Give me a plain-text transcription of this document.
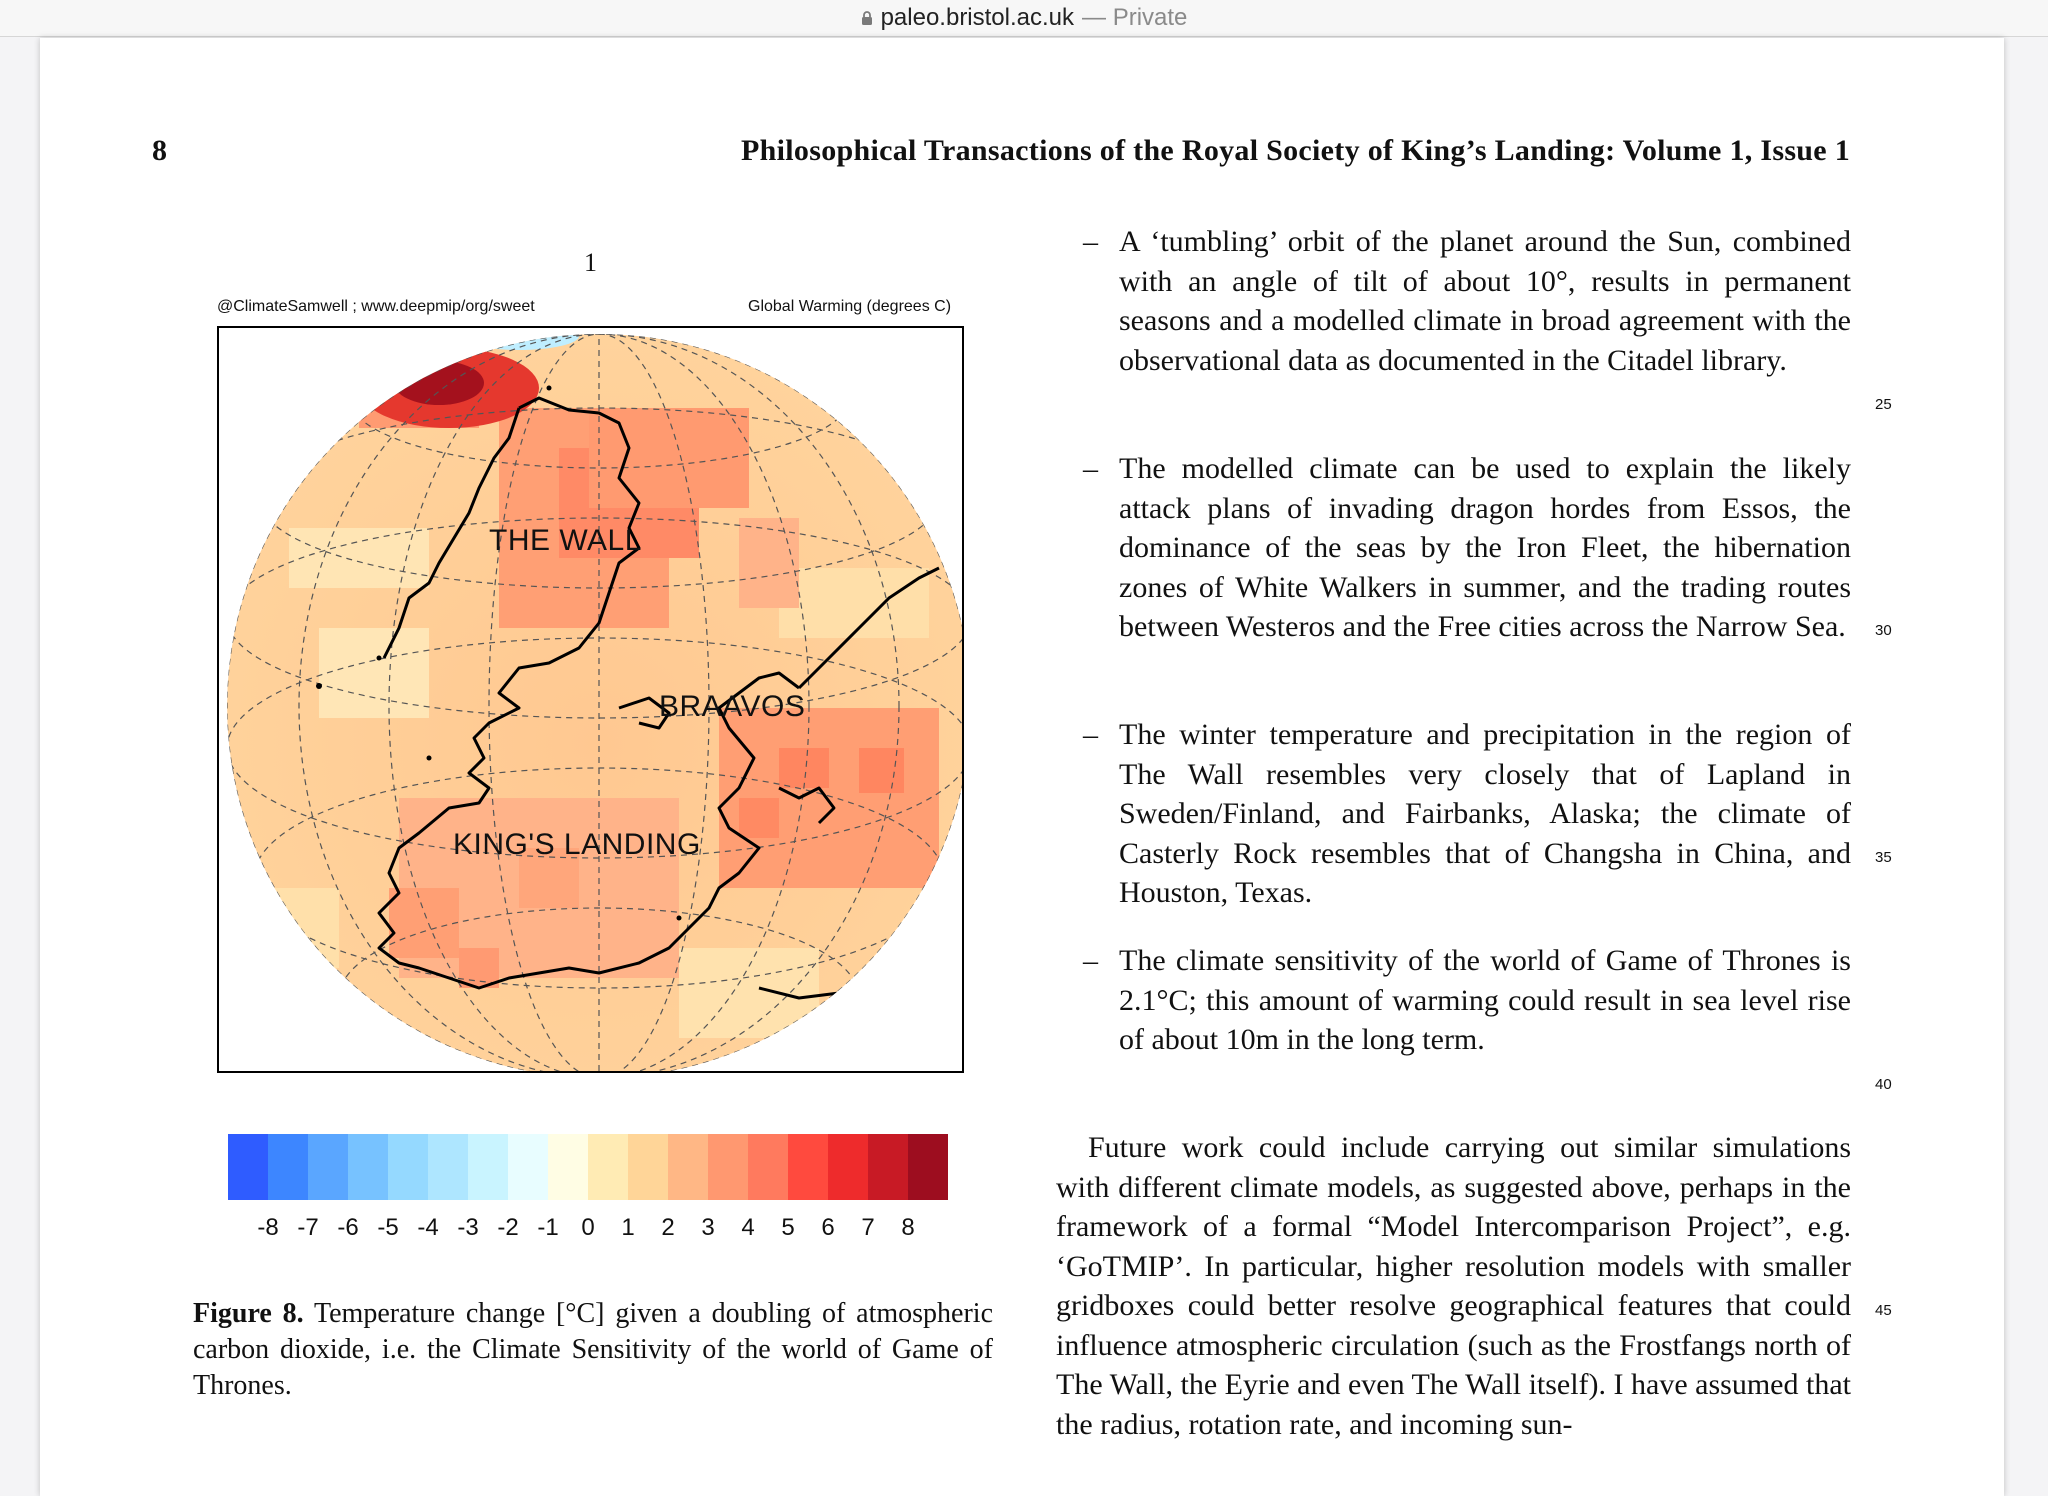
paleo.bristol.ac.uk — Private
8	Philosophical Transactions of the Royal Society of King’s Landing: Volume 1, Issue 1
1
@ClimateSamwell ; www.deepmip/org/sweet	Global Warming (degrees C)
THE WALL
BRAAVOS
KING'S LANDING
-8 -7 -6 -5 -4 -3 -2 -1 0 1 2 3 4 5 6 7 8
Figure 8. Temperature change [°C] given a doubling of atmospheric carbon dioxide, i.e. the Climate Sensitivity of the world of Game of Thrones.
– A ‘tumbling’ orbit of the planet around the Sun, combined with an angle of tilt of about 10°, results in permanent seasons and a modelled climate in broad agreement with the observational data as documented in the Citadel library.
– The modelled climate can be used to explain the likely attack plans of invading dragon hordes from Essos, the dominance of the seas by the Iron Fleet, the hibernation zones of White Walkers in summer, and the trading routes between Westeros and the Free cities across the Narrow Sea.
– The winter temperature and precipitation in the region of The Wall resembles very closely that of Lapland in Sweden/Finland, and Fairbanks, Alaska; the climate of Casterly Rock resembles that of Changsha in China, and Houston, Texas.
– The climate sensitivity of the world of Game of Thrones is 2.1°C; this amount of warming could result in sea level rise of about 10m in the long term.
25
30
35
40
45
Future work could include carrying out similar simulations with different climate models, as suggested above, perhaps in the framework of a formal “Model Intercomparison Project”, e.g. ‘GoTMIP’. In particular, higher resolution models with smaller gridboxes could better resolve geographical features that could influence atmospheric circulation (such as the Frostfangs north of The Wall, the Eyrie and even The Wall itself). I have assumed that the radius, rotation rate, and incoming sun-
